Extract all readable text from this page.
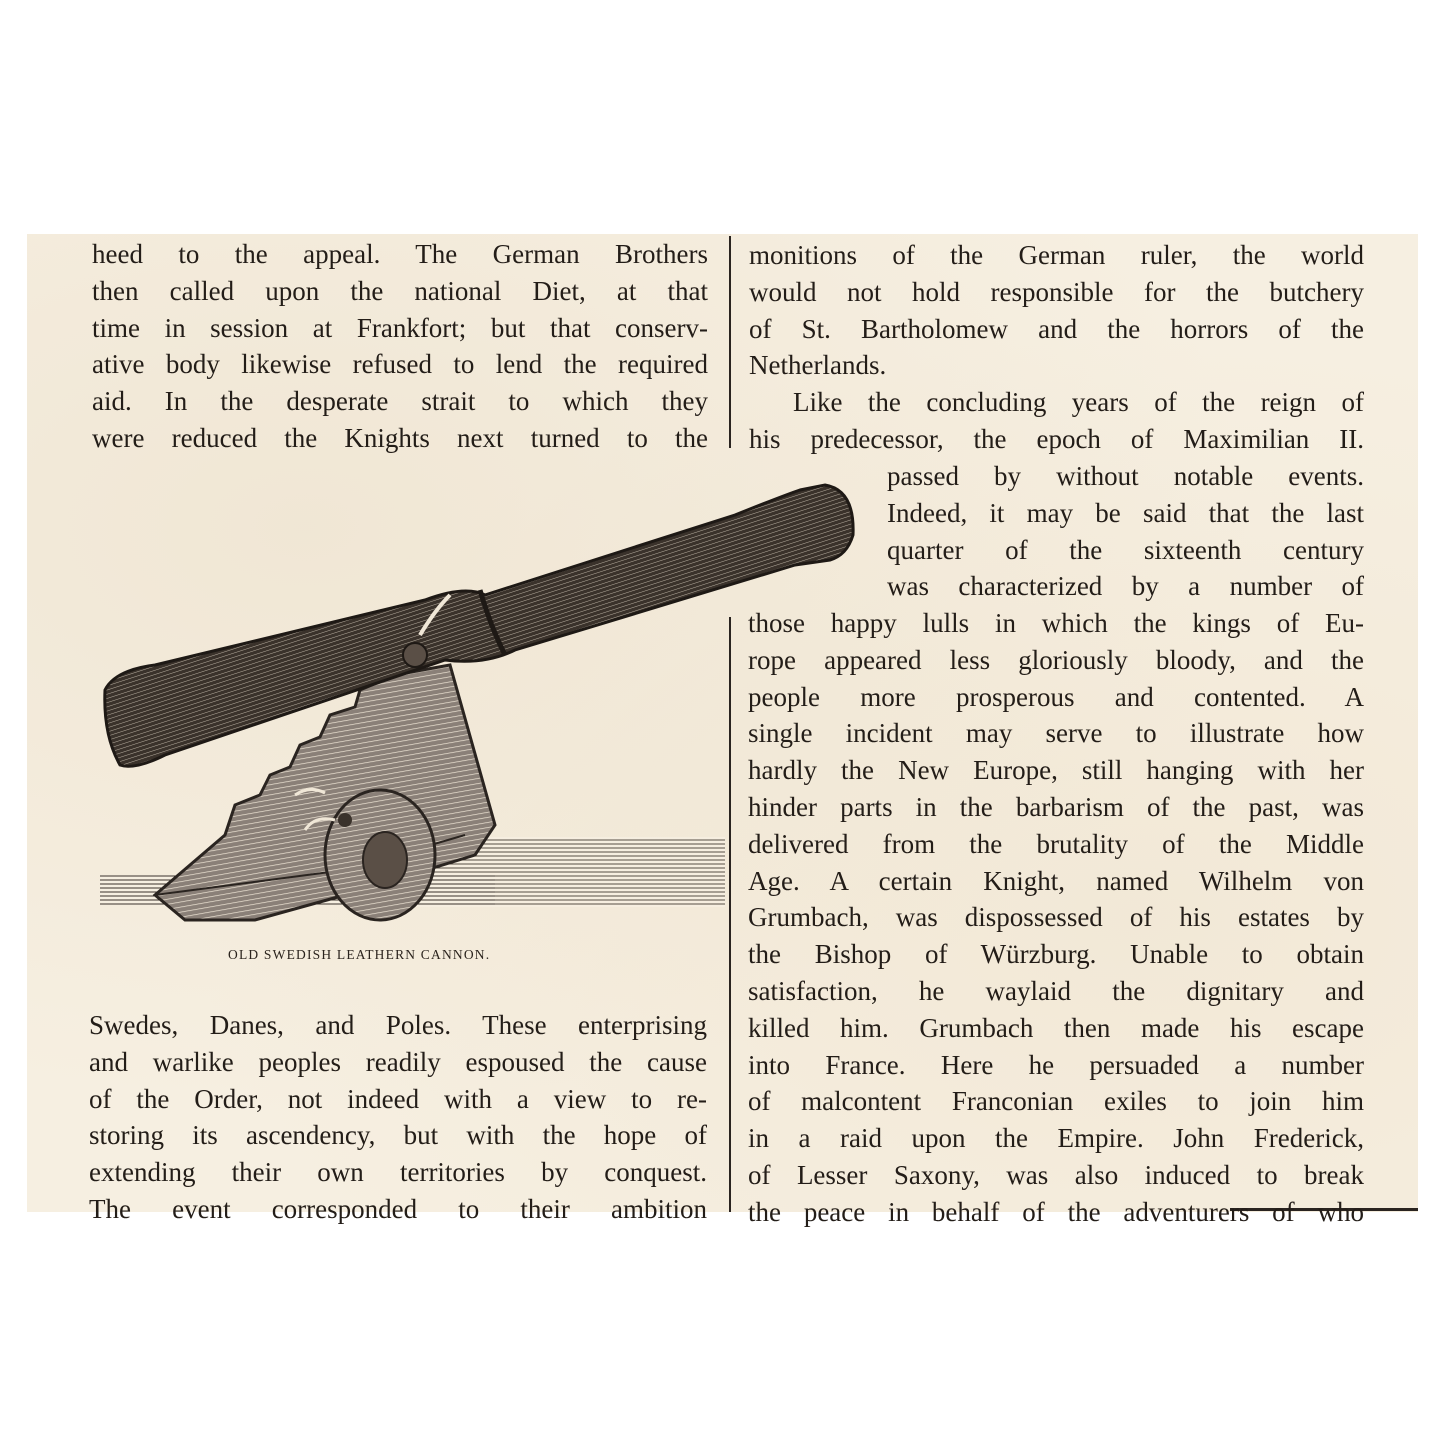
heed to the appeal. The German Brothers
then called upon the national Diet, at that
time in session at Frankfort; but that conserv-
ative body likewise refused to lend the required
aid. In the desperate strait to which they
were reduced the Knights next turned to the
OLD SWEDISH LEATHERN CANNON.
Swedes, Danes, and Poles. These enterprising
and warlike peoples readily espoused the cause
of the Order, not indeed with a view to re-
storing its ascendency, but with the hope of
extending their own territories by conquest.
The event corresponded to their ambition
monitions of the German ruler, the world
would not hold responsible for the butchery
of St. Bartholomew and the horrors of the
Netherlands.
Like the concluding years of the reign of
his predecessor, the epoch of Maximilian II.
passed by without notable events.
Indeed, it may be said that the last
quarter of the sixteenth century
was characterized by a number of
those happy lulls in which the kings of Eu-
rope appeared less gloriously bloody, and the
people more prosperous and contented. A
single incident may serve to illustrate how
hardly the New Europe, still hanging with her
hinder parts in the barbarism of the past, was
delivered from the brutality of the Middle
Age. A certain Knight, named Wilhelm von
Grumbach, was dispossessed of his estates by
the Bishop of Würzburg. Unable to obtain
satisfaction, he waylaid the dignitary and
killed him. Grumbach then made his escape
into France. Here he persuaded a number
of malcontent Franconian exiles to join him
in a raid upon the Empire. John Frederick,
of Lesser Saxony, was also induced to break
the peace in behalf of the adventurers of who
